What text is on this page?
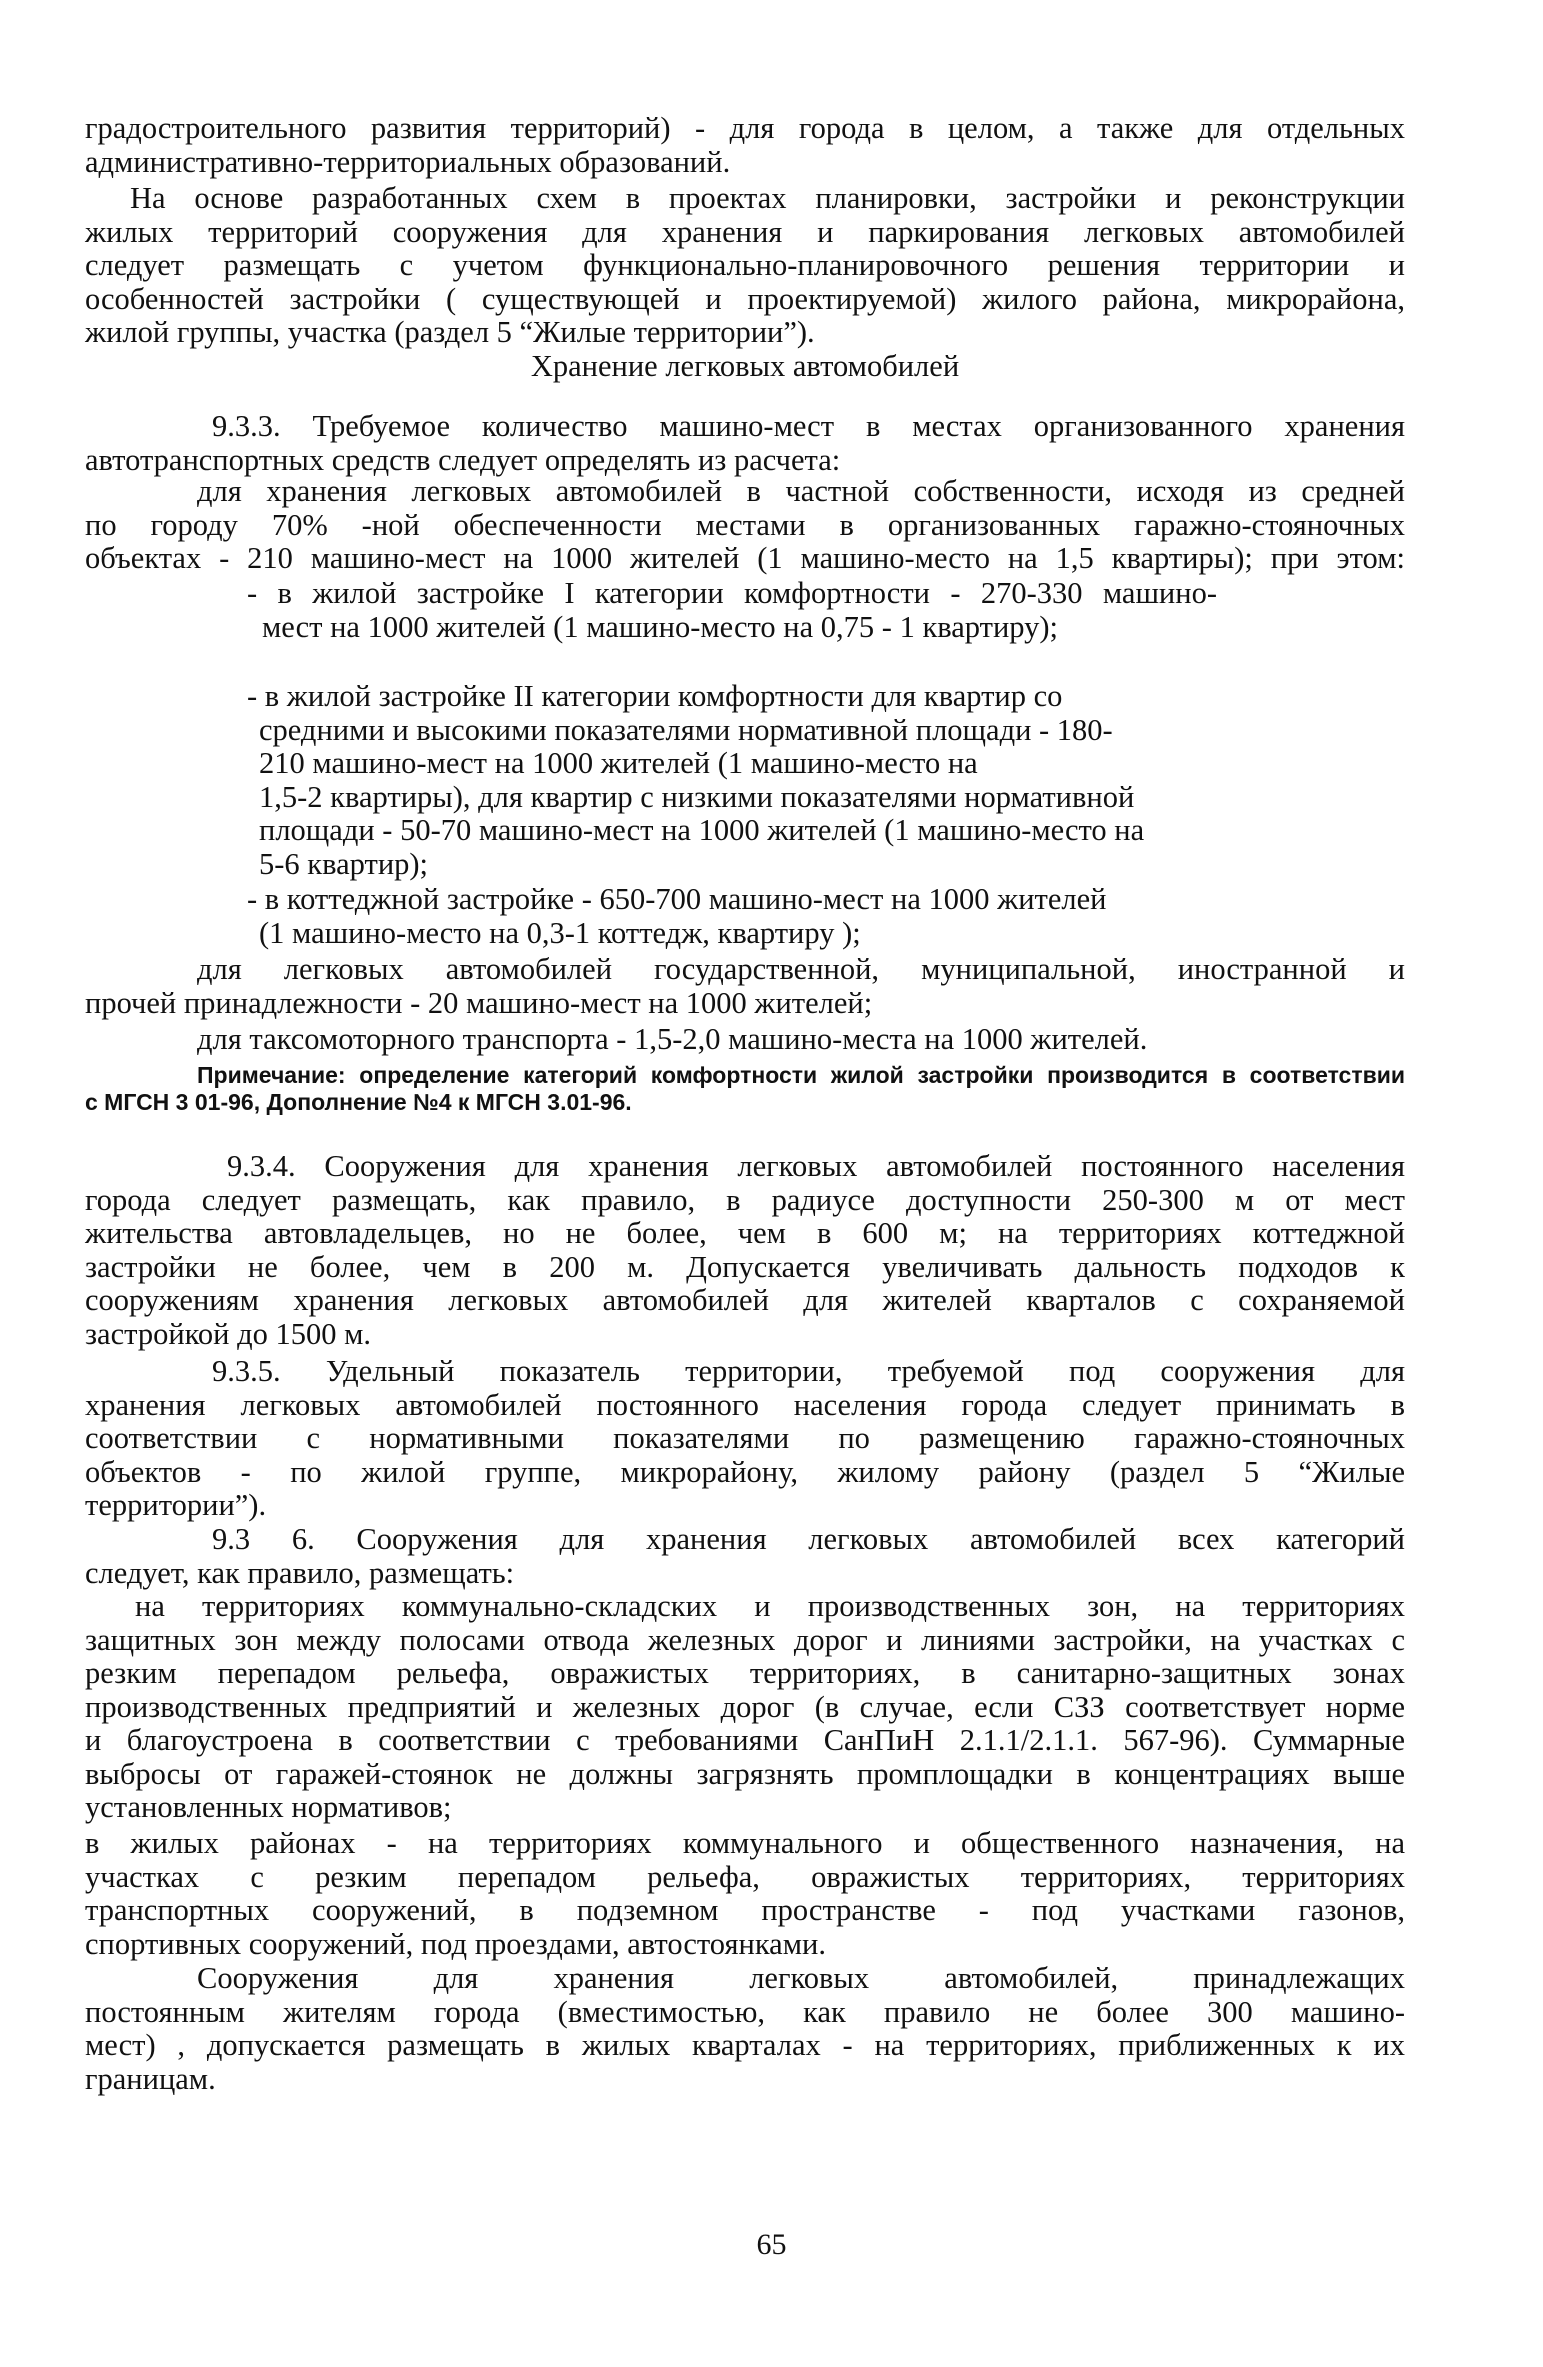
градостроительного развития территорий) - для города в целом, а также для отдельных
административно-территориальных образований.
На основе разработанных схем в проектах планировки, застройки и реконструкции
жилых территорий сооружения для хранения и паркирования легковых автомобилей
следует размещать с учетом функционально-планировочного решения территории и
особенностей застройки ( существующей и проектируемой) жилого района, микрорайона,
жилой группы, участка (раздел 5 “Жилые территории”).
Хранение легковых автомобилей
9.3.3. Требуемое количество машино-мест в местах организованного хранения
автотранспортных средств следует определять из расчета:
для хранения легковых автомобилей в частной собственности, исходя из средней
по городу 70% -ной обеспеченности местами в организованных гаражно-стояночных
объектах - 210 машино-мест на 1000 жителей (1 машино-место на 1,5 квартиры); при этом:
- в жилой застройке I категории комфортности - 270-330 машино-
мест на 1000 жителей (1 машино-место на 0,75 - 1 квартиру);
- в жилой застройке II категории комфортности для квартир со
средними и высокими показателями нормативной площади - 180-
210 машино-мест на 1000 жителей (1 машино-место на
1,5-2 квартиры), для квартир с низкими показателями нормативной
площади - 50-70 машино-мест на 1000 жителей (1 машино-место на
5-6 квартир);
- в коттеджной застройке - 650-700 машино-мест на 1000 жителей
(1 машино-место на 0,3-1 коттедж, квартиру );
для легковых автомобилей государственной, муниципальной, иностранной и
прочей принадлежности - 20 машино-мест на 1000 жителей;
для таксомоторного транспорта - 1,5-2,0 машино-места на 1000 жителей.
Примечание: определение категорий комфортности жилой застройки производится в соответствии
с МГСН 3 01-96, Дополнение №4 к МГСН 3.01-96.
9.3.4. Сооружения для хранения легковых автомобилей постоянного населения
города следует размещать, как правило, в радиусе доступности 250-300 м от мест
жительства автовладельцев, но не более, чем в 600 м; на территориях коттеджной
застройки не более, чем в 200 м. Допускается увеличивать дальность подходов к
сооружениям хранения легковых автомобилей для жителей кварталов с сохраняемой
застройкой до 1500 м.
9.3.5. Удельный показатель территории, требуемой под сооружения для
хранения легковых автомобилей постоянного населения города следует принимать в
соответствии с нормативными показателями по размещению гаражно-стояночных
объектов - по жилой группе, микрорайону, жилому району (раздел 5 “Жилые
территории”).
9.3 6. Сооружения для хранения легковых автомобилей всех категорий
следует, как правило, размещать:
на территориях коммунально-складских и производственных зон, на территориях
защитных зон между полосами отвода железных дорог и линиями застройки, на участках с
резким перепадом рельефа, овражистых территориях, в санитарно-защитных зонах
производственных предприятий и железных дорог (в случае, если СЗЗ соответствует норме
и благоустроена в соответствии с требованиями СанПиН 2.1.1/2.1.1. 567-96). Суммарные
выбросы от гаражей-стоянок не должны загрязнять промплощадки в концентрациях выше
установленных нормативов;
в жилых районах - на территориях коммунального и общественного назначения, на
участках с резким перепадом рельефа, овражистых территориях, территориях
транспортных сооружений, в подземном пространстве - под участками газонов,
спортивных сооружений, под проездами, автостоянками.
Сооружения для хранения легковых автомобилей, принадлежащих
постоянным жителям города (вместимостью, как правило не более 300 машино-
мест) , допускается размещать в жилых кварталах - на территориях, приближенных к их
границам.
65
